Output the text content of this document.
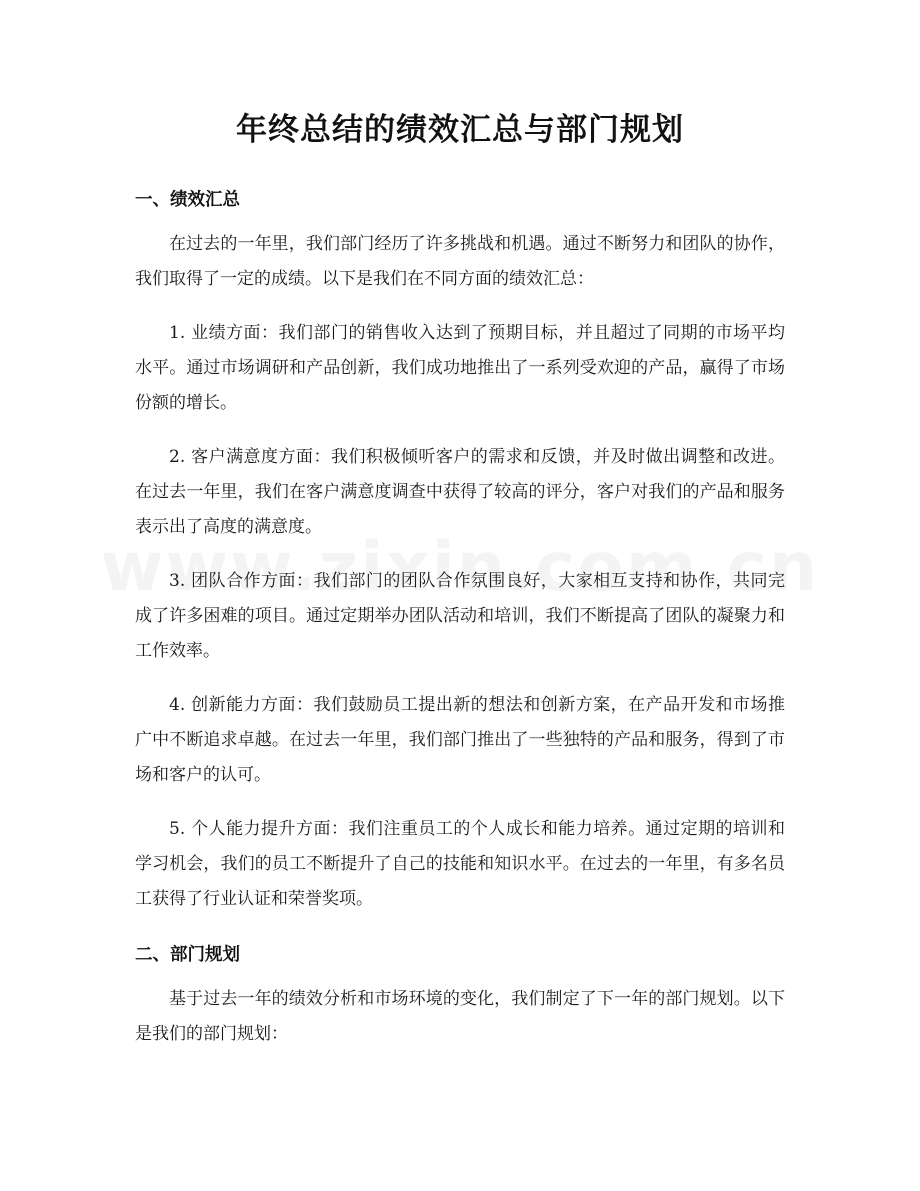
年终总结的绩效汇总与部门规划
一、绩效汇总

在过去的一年里，我们部门经历了许多挑战和机遇。通过不断努力和团队的协作，我们取得了一定的成绩。以下是我们在不同方面的绩效汇总：

1. 业绩方面：我们部门的销售收入达到了预期目标，并且超过了同期的市场平均水平。通过市场调研和产品创新，我们成功地推出了一系列受欢迎的产品，赢得了市场份额的增长。

2. 客户满意度方面：我们积极倾听客户的需求和反馈，并及时做出调整和改进。在过去一年里，我们在客户满意度调查中获得了较高的评分，客户对我们的产品和服务表示出了高度的满意度。

3. 团队合作方面：我们部门的团队合作氛围良好，大家相互支持和协作，共同完成了许多困难的项目。通过定期举办团队活动和培训，我们不断提高了团队的凝聚力和工作效率。

4. 创新能力方面：我们鼓励员工提出新的想法和创新方案，在产品开发和市场推广中不断追求卓越。在过去一年里，我们部门推出了一些独特的产品和服务，得到了市场和客户的认可。

5. 个人能力提升方面：我们注重员工的个人成长和能力培养。通过定期的培训和学习机会，我们的员工不断提升了自己的技能和知识水平。在过去的一年里，有多名员工获得了行业认证和荣誉奖项。

二、部门规划

基于过去一年的绩效分析和市场环境的变化，我们制定了下一年的部门规划。以下是我们的部门规划：
